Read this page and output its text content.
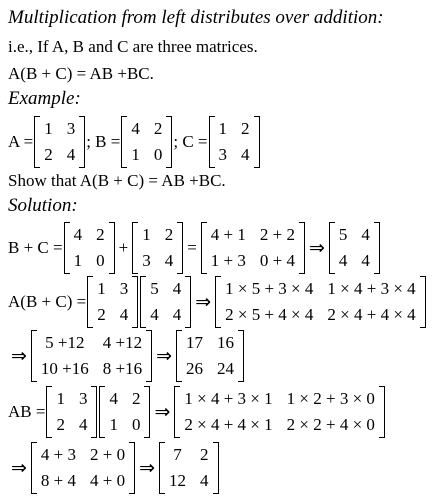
Multiplication from left distributes over addition:
i.e., If A, B and C are three matrices.
A(B + C) = AB +BC.
Example:
A =
1 3
2 4
; B =
4 2
1 0
; C =
1 2
3 4
Show that A(B + C) = AB +BC.
Solution:
B + C =
4 2
1 0
+
1 2
3 4
=
4 + 1 2 + 2
1 + 3 0 + 4
⇒
5 4
4 4
A(B + C) =
1 3
2 4
5 4
4 4
⇒
1 × 5 + 3 × 4 1 × 4 + 3 × 4
2 × 5 + 4 × 4 2 × 4 + 4 × 4
⇒
5 +12 4 +12
10 +16 8 +16
⇒
17 16
26 24
AB =
1 3
2 4
4 2
1 0
⇒
1 × 4 + 3 × 1 1 × 2 + 3 × 0
2 × 4 + 4 × 1 2 × 2 + 4 × 0
⇒
4 + 3 2 + 0
8 + 4 4 + 0
⇒
7 2
12 4
